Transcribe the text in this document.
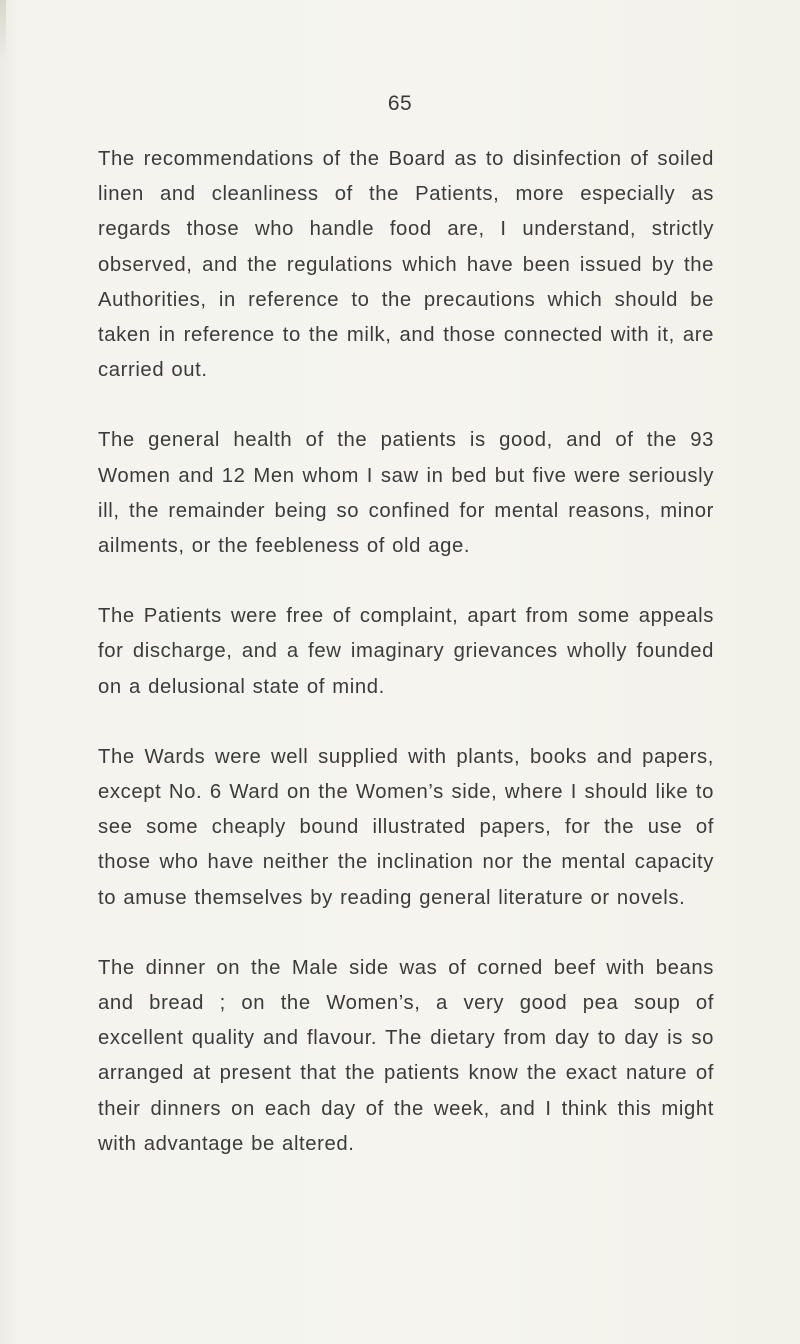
65

The recommendations of the Board as to disinfection of soiled linen and cleanliness of the Patients, more especially as regards those who handle food are, I understand, strictly observed, and the regulations which have been issued by the Authorities, in reference to the precautions which should be taken in reference to the milk, and those connected with it, are carried out.

The general health of the patients is good, and of the 93 Women and 12 Men whom I saw in bed but five were seriously ill, the remainder being so confined for mental reasons, minor ailments, or the feebleness of old age.

The Patients were free of complaint, apart from some appeals for discharge, and a few imaginary grievances wholly founded on a delusional state of mind.

The Wards were well supplied with plants, books and papers, except No. 6 Ward on the Women’s side, where I should like to see some cheaply bound illustrated papers, for the use of those who have neither the inclination nor the mental capacity to amuse themselves by reading general literature or novels.

The dinner on the Male side was of corned beef with beans and bread ; on the Women’s, a very good pea soup of excellent quality and flavour. The dietary from day to day is so arranged at present that the patients know the exact nature of their dinners on each day of the week, and I think this might with advantage be altered.
